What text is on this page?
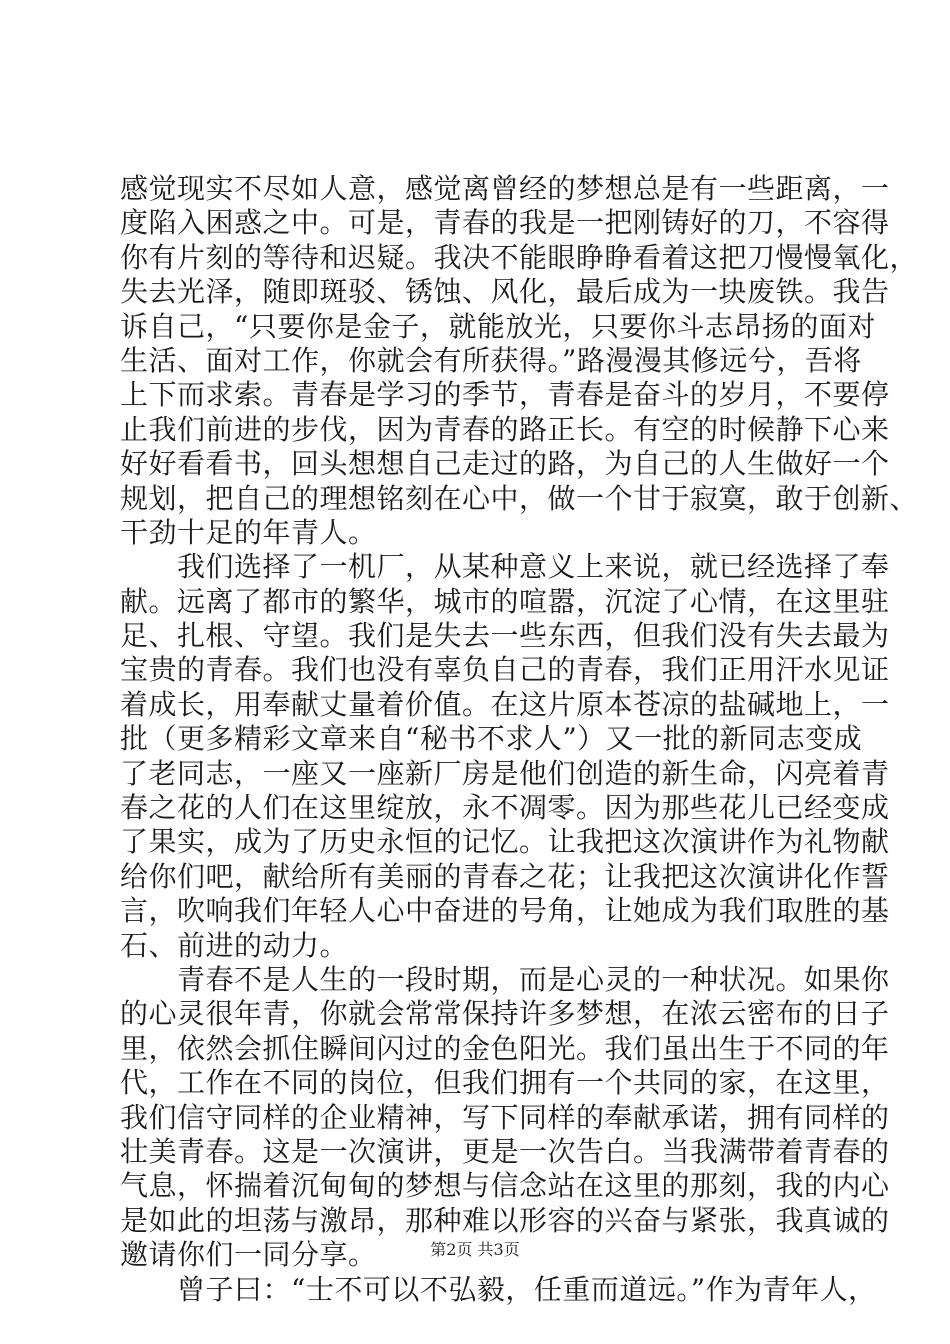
感觉现实不尽如人意，感觉离曾经的梦想总是有一些距离，一
度陷入困惑之中。可是，青春的我是一把刚铸好的刀，不容得
你有片刻的等待和迟疑。我决不能眼睁睁看着这把刀慢慢氧化，
失去光泽，随即斑驳、锈蚀、风化，最后成为一块废铁。我告
诉自己，“只要你是金子，就能放光，只要你斗志昂扬的面对
生活、面对工作，你就会有所获得。”路漫漫其修远兮，吾将
上下而求索。青春是学习的季节，青春是奋斗的岁月，不要停
止我们前进的步伐，因为青春的路正长。有空的时候静下心来
好好看看书，回头想想自己走过的路，为自己的人生做好一个
规划，把自己的理想铭刻在心中，做一个甘于寂寞，敢于创新、
干劲十足的年青人。
　　我们选择了一机厂，从某种意义上来说，就已经选择了奉
献。远离了都市的繁华，城市的喧嚣，沉淀了心情，在这里驻
足、扎根、守望。我们是失去一些东西，但我们没有失去最为
宝贵的青春。我们也没有辜负自己的青春，我们正用汗水见证
着成长，用奉献丈量着价值。在这片原本苍凉的盐碱地上，一
批（更多精彩文章来自“秘书不求人”）又一批的新同志变成
了老同志，一座又一座新厂房是他们创造的新生命，闪亮着青
春之花的人们在这里绽放，永不凋零。因为那些花儿已经变成
了果实，成为了历史永恒的记忆。让我把这次演讲作为礼物献
给你们吧，献给所有美丽的青春之花；让我把这次演讲化作誓
言，吹响我们年轻人心中奋进的号角，让她成为我们取胜的基
石、前进的动力。
　　青春不是人生的一段时期，而是心灵的一种状况。如果你
的心灵很年青，你就会常常保持许多梦想，在浓云密布的日子
里，依然会抓住瞬间闪过的金色阳光。我们虽出生于不同的年
代，工作在不同的岗位，但我们拥有一个共同的家，在这里，
我们信守同样的企业精神，写下同样的奉献承诺，拥有同样的
壮美青春。这是一次演讲，更是一次告白。当我满带着青春的
气息，怀揣着沉甸甸的梦想与信念站在这里的那刻，我的内心
是如此的坦荡与激昂，那种难以形容的兴奋与紧张，我真诚的
邀请你们一同分享。
　　曾子曰：“士不可以不弘毅，任重而道远。”作为青年人，
第2页 共3页
